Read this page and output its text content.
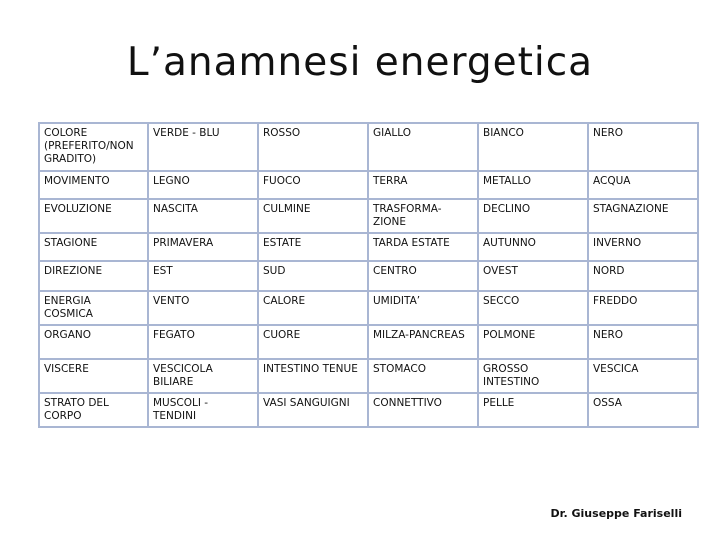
L’anamnesi energetica
COLORE (PREFERITO/NON GRADITO)	VERDE - BLU	ROSSO	GIALLO	BIANCO	NERO
MOVIMENTO	LEGNO	FUOCO	TERRA	METALLO	ACQUA
EVOLUZIONE	NASCITA	CULMINE	TRASFORMA-ZIONE	DECLINO	STAGNAZIONE
STAGIONE	PRIMAVERA	ESTATE	TARDA ESTATE	AUTUNNO	INVERNO
DIREZIONE	EST	SUD	CENTRO	OVEST	NORD
ENERGIA COSMICA	VENTO	CALORE	UMIDITA’	SECCO	FREDDO
ORGANO	FEGATO	CUORE	MILZA-PANCREAS	POLMONE	NERO
VISCERE	VESCICOLA BILIARE	INTESTINO TENUE	STOMACO	GROSSO INTESTINO	VESCICA
STRATO DEL CORPO	MUSCOLI - TENDINI	VASI SANGUIGNI	CONNETTIVO	PELLE	OSSA
Dr. Giuseppe Fariselli
